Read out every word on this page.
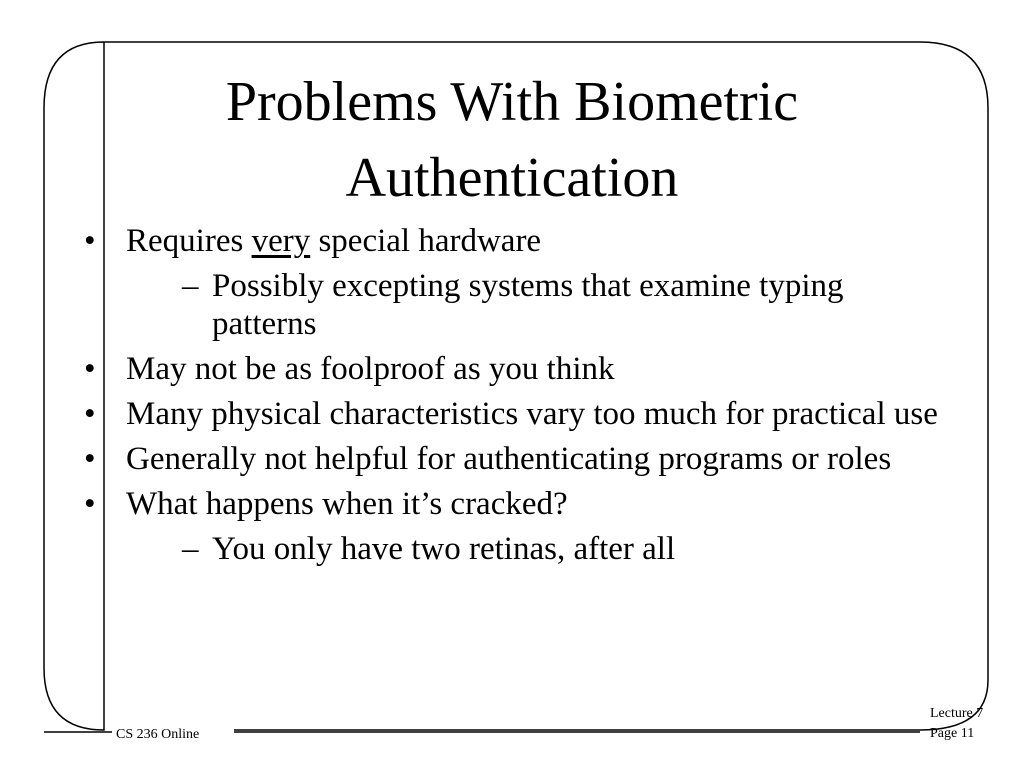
Problems With Biometric
Authentication
• Requires very special hardware
– Possibly excepting systems that examine typing patterns
• May not be as foolproof as you think
• Many physical characteristics vary too much for practical use
• Generally not helpful for authenticating programs or roles
• What happens when it’s cracked?
– You only have two retinas, after all
CS 236 Online
Lecture 7
Page 11
